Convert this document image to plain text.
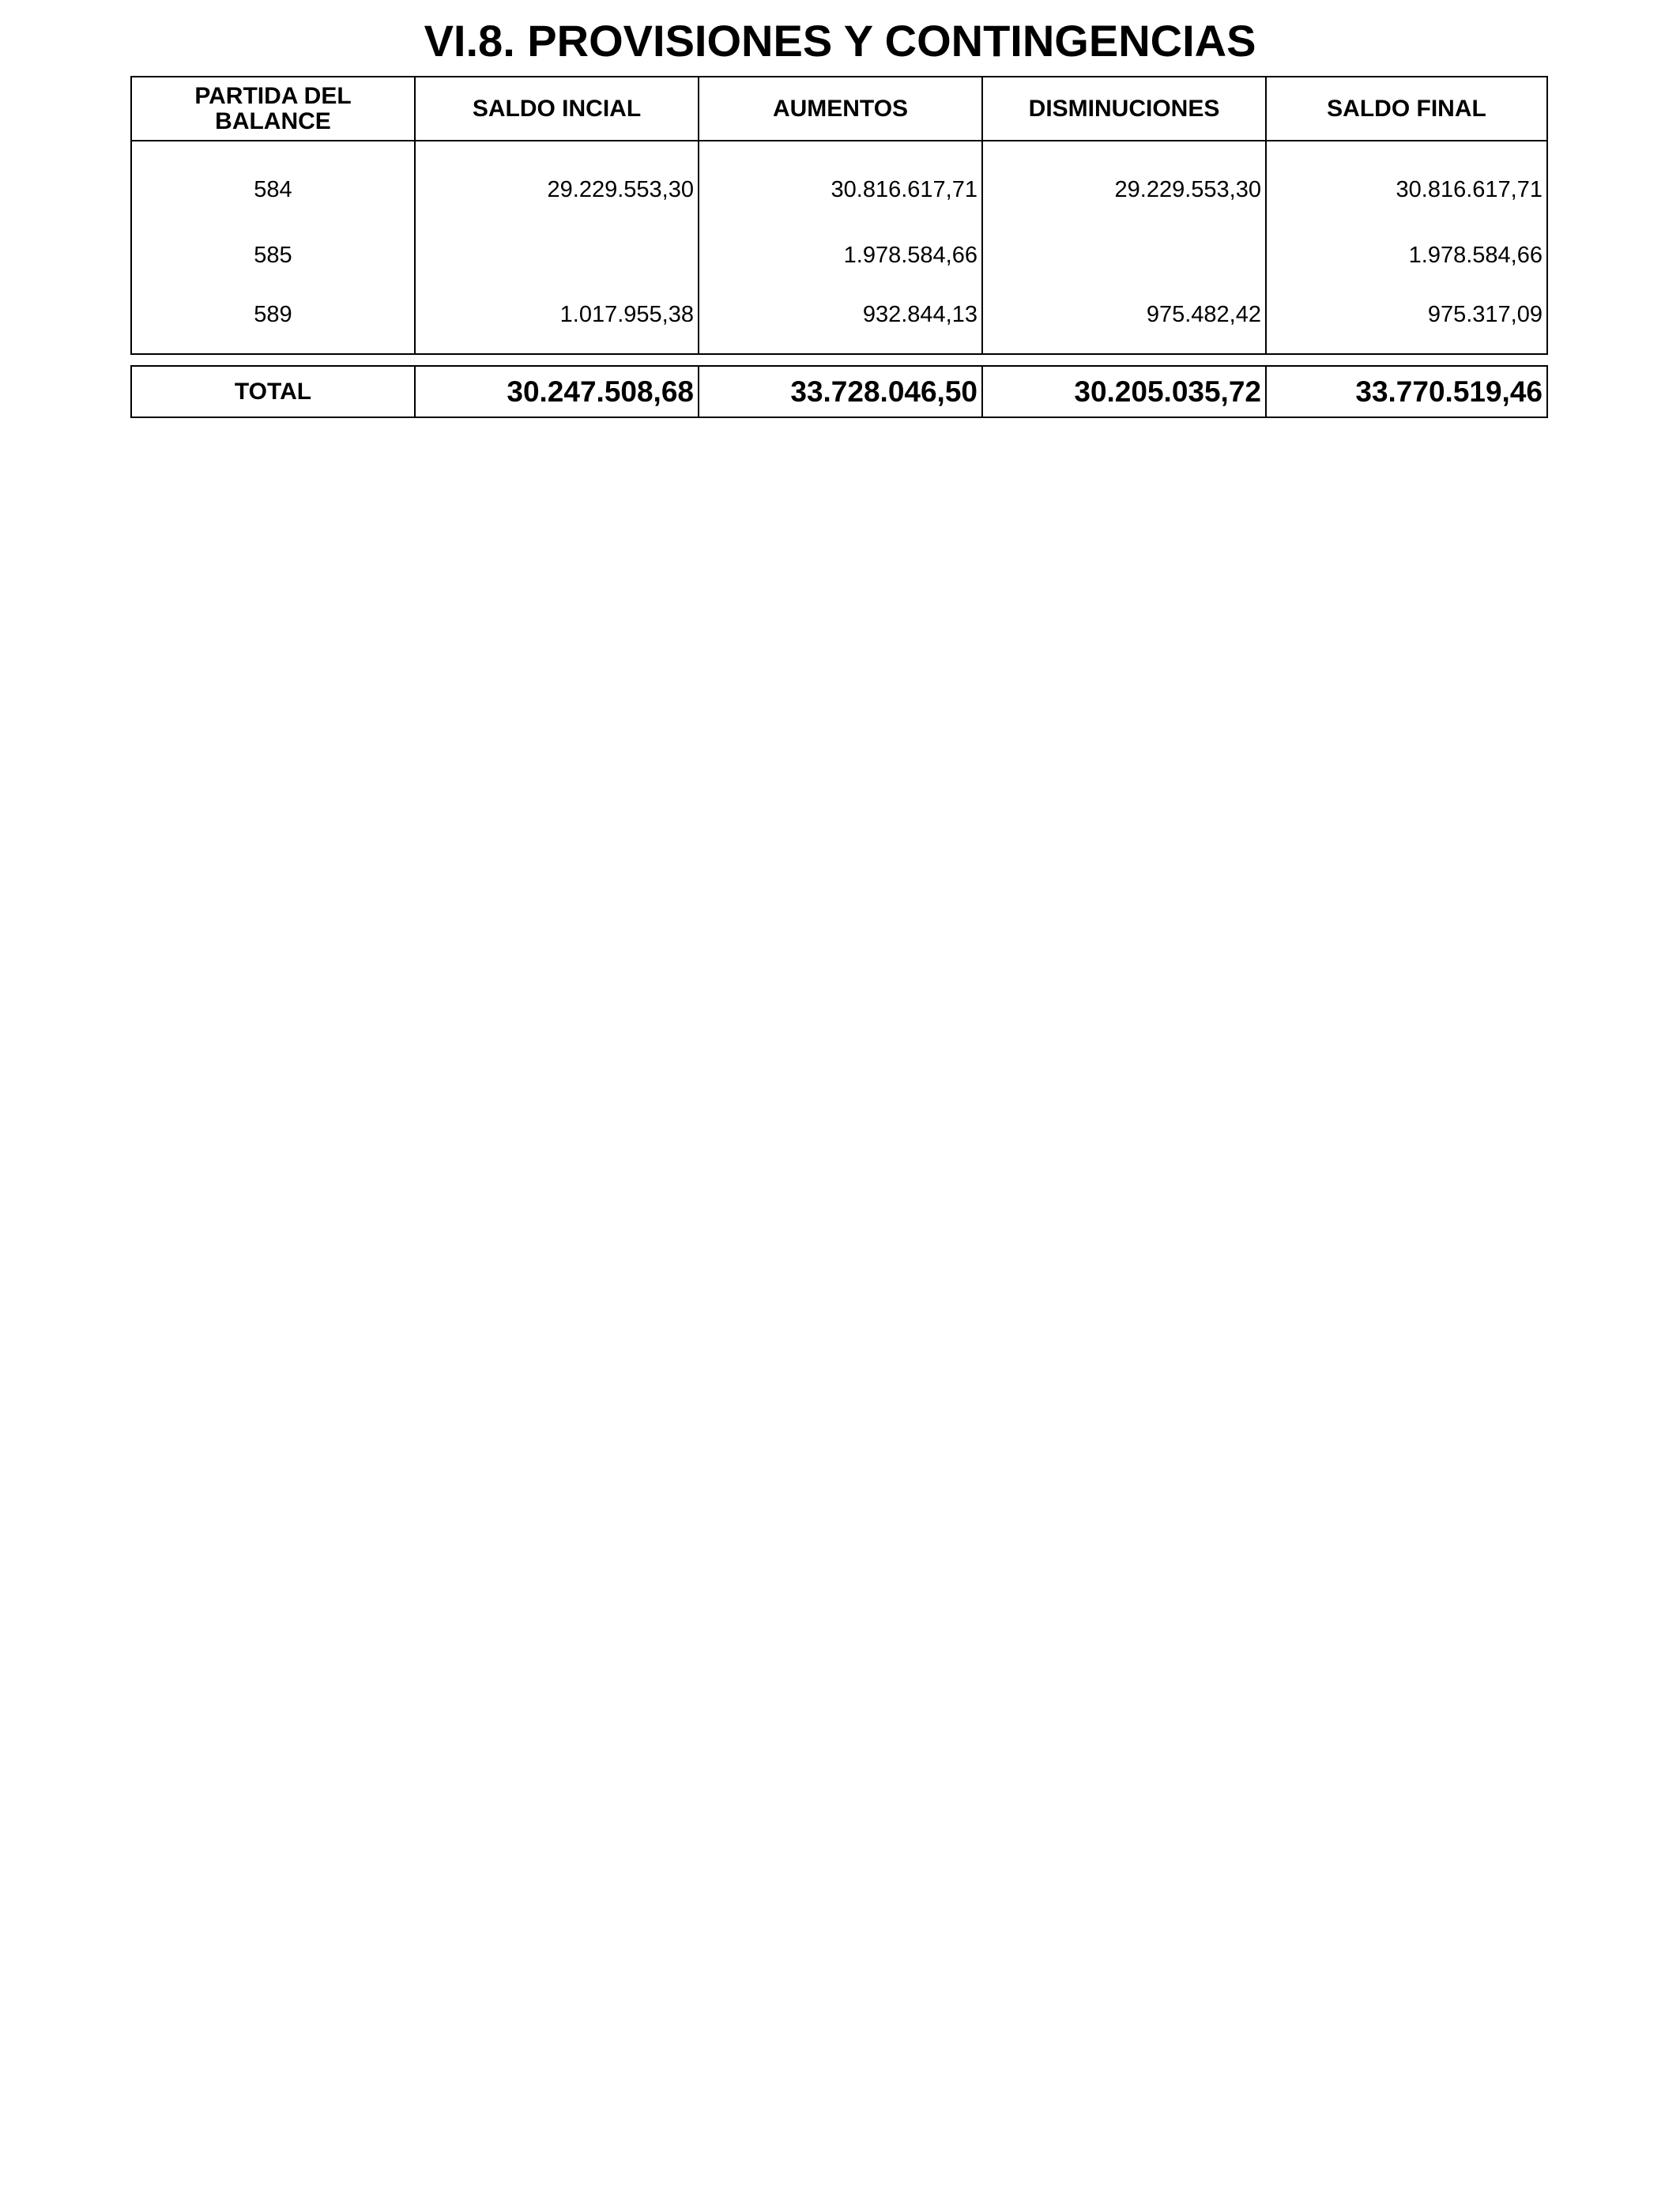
VI.8. PROVISIONES Y CONTINGENCIAS
PARTIDA DEL BALANCE	SALDO INCIAL	AUMENTOS	DISMINUCIONES	SALDO FINAL
584	29.229.553,30	30.816.617,71	29.229.553,30	30.816.617,71
585		1.978.584,66		1.978.584,66
589	1.017.955,38	932.844,13	975.482,42	975.317,09
TOTAL	30.247.508,68	33.728.046,50	30.205.035,72	33.770.519,46
